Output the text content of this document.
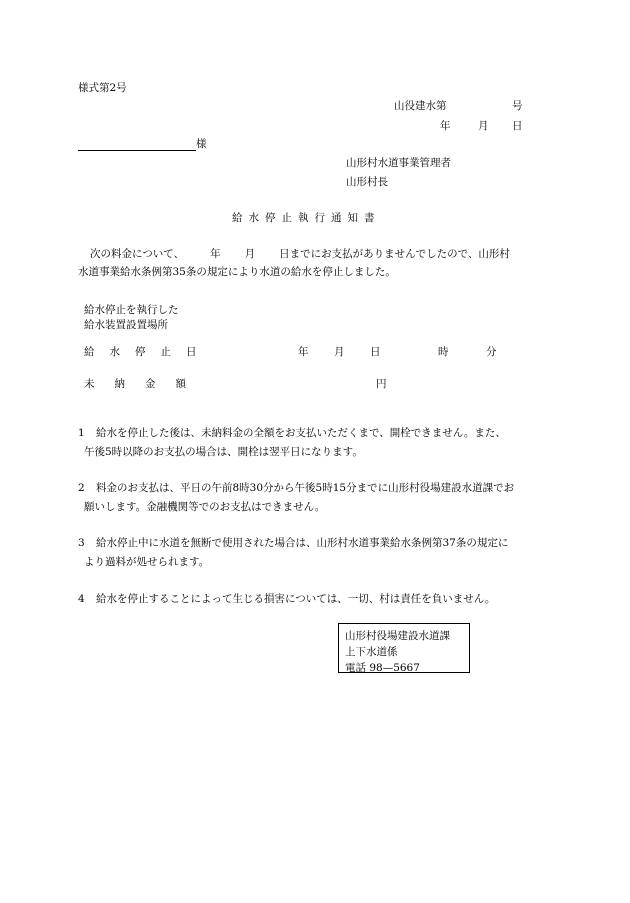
様式第2号
山役建水第	号
年	月 日
様
山形村水道事業管理者
山形村長
給水停止執行通知書
次の料金について、 年 月 日までにお支払がありませんでしたので、山形村
水道事業給水条例第35条の規定により水道の給水を停止しました。
給水停止を執行した
給水装置設置場所
給水停止日	年 月 日	時	分
未納金額	円
1 給水を停止した後は、未納料金の全額をお支払いただくまで、開栓できません。また、
午後5時以降のお支払の場合は、開栓は翌平日になります。
2 料金のお支払は、平日の午前8時30分から午後5時15分までに山形村役場建設水道課でお
願いします。金融機関等でのお支払はできません。
3 給水停止中に水道を無断で使用された場合は、山形村水道事業給水条例第37条の規定に
より過料が処せられます。
4 給水を停止することによって生じる損害については、一切、村は責任を負いません。
山形村役場建設水道課
上下水道係
電話 98—5667
